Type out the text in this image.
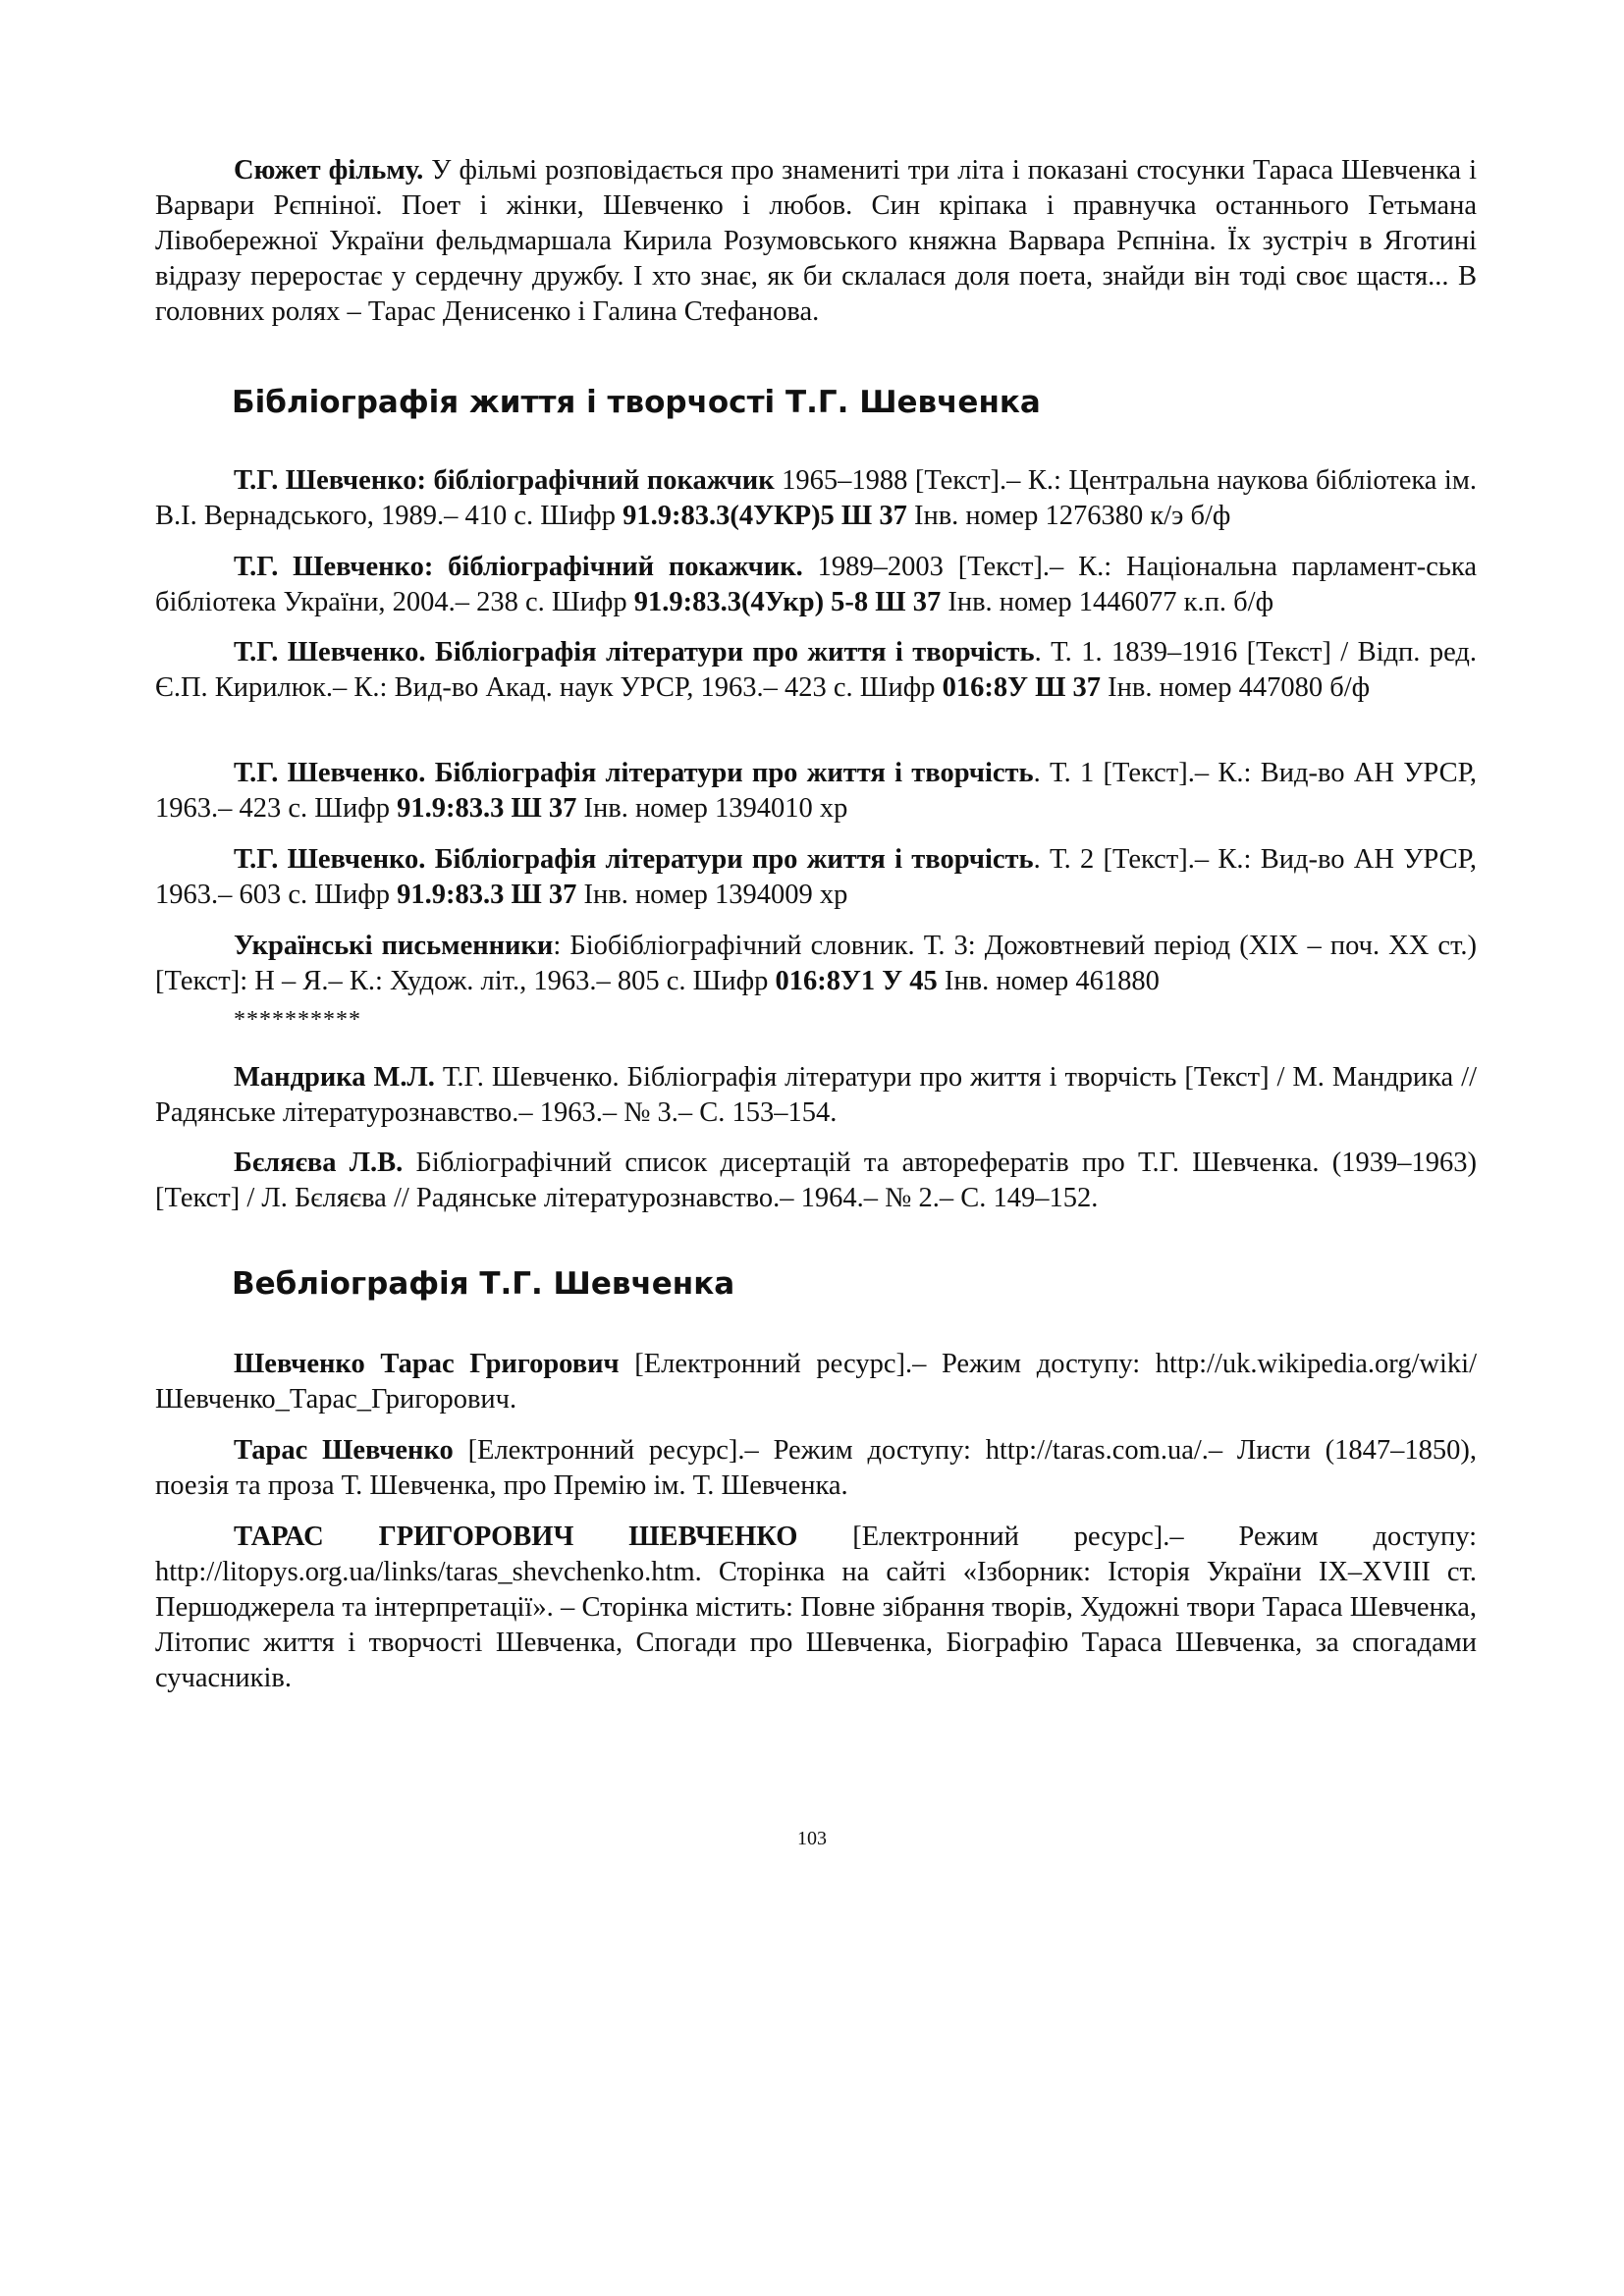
Сюжет фільму. У фільмі розповідається про знамениті три літа і показані стосунки Тараса Шевченка і Варвари Рєпніної. Поет і жінки, Шевченко і любов. Син кріпака і правнучка останнього Гетьмана Лівобережної України фельдмаршала Кирила Розумовського княжна Варвара Рєпніна. Їх зустріч в Яготині відразу переростає у сердечну дружбу. І хто знає, як би склалася доля поета, знайди він тоді своє щастя... В головних ролях – Тарас Денисенко і Галина Стефанова.

Бібліографія життя і творчості Т.Г. Шевченка

Т.Г. Шевченко: бібліографічний покажчик 1965–1988 [Текст].– К.: Центральна наукова бібліотека ім. В.І. Вернадського, 1989.– 410 с. Шифр 91.9:83.3(4УКР)5 Ш 37 Інв. номер 1276380 к/э б/ф

Т.Г. Шевченко: бібліографічний покажчик. 1989–2003 [Текст].– К.: Національна парламент-ська бібліотека України, 2004.– 238 с. Шифр 91.9:83.3(4Укр) 5-8 Ш 37 Інв. номер 1446077 к.п. б/ф

Т.Г. Шевченко. Бібліографія літератури про життя і творчість. Т. 1. 1839–1916 [Текст] / Відп. ред. Є.П. Кирилюк.– К.: Вид-во Акад. наук УРСР, 1963.– 423 с. Шифр 016:8У Ш 37 Інв. номер 447080 б/ф

Т.Г. Шевченко. Бібліографія літератури про життя і творчість. Т. 1 [Текст].– К.: Вид-во АН УРСР, 1963.– 423 с. Шифр 91.9:83.3 Ш 37 Інв. номер 1394010 хр

Т.Г. Шевченко. Бібліографія літератури про життя і творчість. Т. 2 [Текст].– К.: Вид-во АН УРСР, 1963.– 603 с. Шифр 91.9:83.3 Ш 37 Інв. номер 1394009 хр

Українські письменники: Біобібліографічний словник. Т. 3: Дожовтневий період (XIX – поч. XX ст.) [Текст]: Н – Я.– К.: Худож. літ., 1963.– 805 с. Шифр 016:8У1 У 45 Інв. номер 461880

**********

Мандрика М.Л. Т.Г. Шевченко. Бібліографія літератури про життя і творчість [Текст] / М. Мандрика // Радянське літературознавство.– 1963.– № 3.– С. 153–154.

Бєляєва Л.В. Бібліографічний список дисертацій та авторефератів про Т.Г. Шевченка. (1939–1963) [Текст] / Л. Бєляєва // Радянське літературознавство.– 1964.– № 2.– С. 149–152.

Вебліографія Т.Г. Шевченка

Шевченко Тарас Григорович [Електронний ресурс].– Режим доступу: http://uk.wikipedia.org/wiki/Шевченко_Тарас_Григорович.

Тарас Шевченко [Електронний ресурс].– Режим доступу: http://taras.com.ua/.– Листи (1847–1850), поезія та проза Т. Шевченка, про Премію ім. Т. Шевченка.

ТАРАС ГРИГОРОВИЧ ШЕВЧЕНКО [Електронний ресурс].– Режим доступу: http://litopys.org.ua/links/taras_shevchenko.htm. Сторінка на сайті «Ізборник: Історія України IX–XVIII ст. Першоджерела та інтерпретації». – Сторінка містить: Повне зібрання творів, Художні твори Тараса Шевченка, Літопис життя і творчості Шевченка, Спогади про Шевченка, Біографію Тараса Шевченка, за спогадами сучасників.

103
